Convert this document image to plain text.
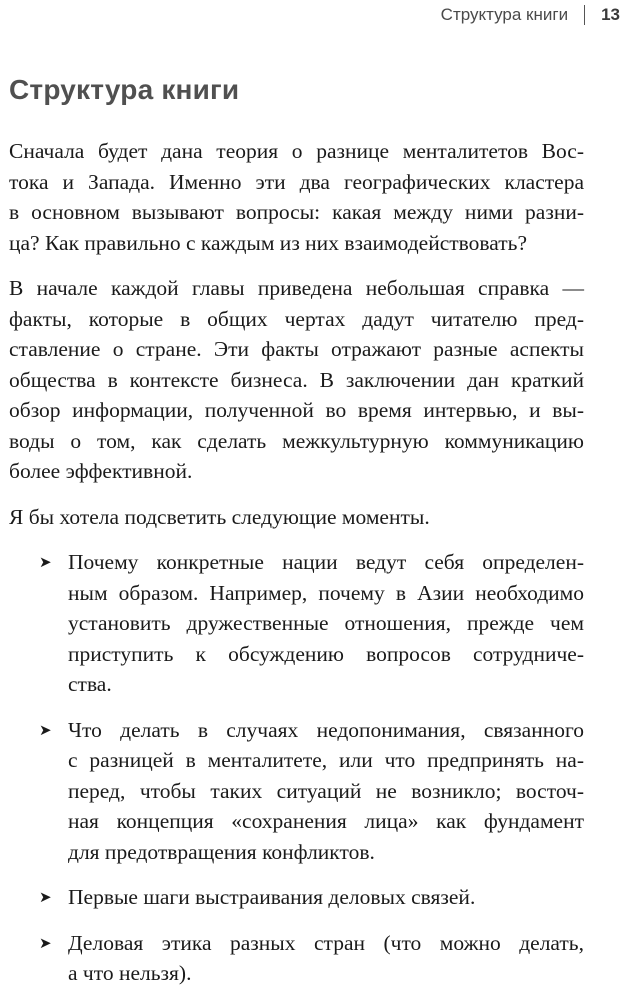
Структура книги 13
Структура книги

Сначала будет дана теория о разнице менталитетов Вос-
тока и Запада. Именно эти два географических кластера
в основном вызывают вопросы: какая между ними разни-
ца? Как правильно с каждым из них взаимодействовать?

В начале каждой главы приведена небольшая справка —
факты, которые в общих чертах дадут читателю пред-
ставление о стране. Эти факты отражают разные аспекты
общества в контексте бизнеса. В заключении дан краткий
обзор информации, полученной во время интервью, и вы-
воды о том, как сделать межкультурную коммуникацию
более эффективной.

Я бы хотела подсветить следующие моменты.

➤ Почему конкретные нации ведут себя определен-
ным образом. Например, почему в Азии необходимо
установить дружественные отношения, прежде чем
приступить к обсуждению вопросов сотрудниче-
ства.
➤ Что делать в случаях недопонимания, связанного
с разницей в менталитете, или что предпринять на-
перед, чтобы таких ситуаций не возникло; восточ-
ная концепция «сохранения лица» как фундамент
для предотвращения конфликтов.
➤ Первые шаги выстраивания деловых связей.
➤ Деловая этика разных стран (что можно делать,
а что нельзя).
